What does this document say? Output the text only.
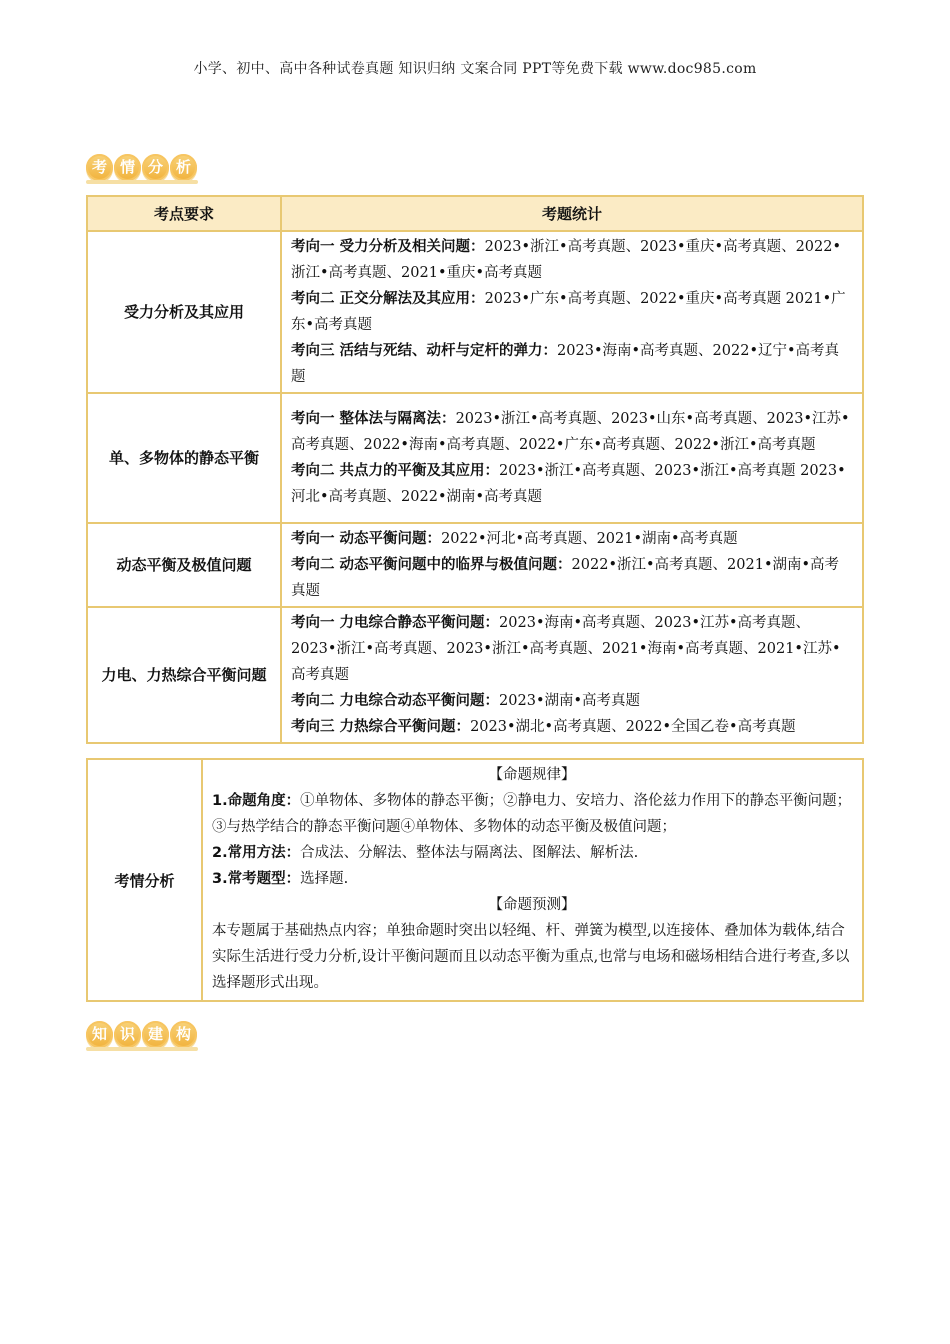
小学、初中、高中各种试卷真题 知识归纳 文案合同 PPT等免费下载 www.doc985.com
考 情 分 析
考点要求	考题统计
受力分析及其应用	考向一 受力分析及相关问题：2023•浙江•高考真题、2023•重庆•高考真题、2022•浙江•高考真题、2021•重庆•高考真题
考向二 正交分解法及其应用：2023•广东•高考真题、2022•重庆•高考真题 2021•广东•高考真题
考向三 活结与死结、动杆与定杆的弹力：2023•海南•高考真题、2022•辽宁•高考真题

单、多物体的静态平衡	考向一 整体法与隔离法：2023•浙江•高考真题、2023•山东•高考真题、2023•江苏•高考真题、2022•海南•高考真题、2022•广东•高考真题、2022•浙江•高考真题
考向二 共点力的平衡及其应用：2023•浙江•高考真题、2023•浙江•高考真题 2023•河北•高考真题、2022•湖南•高考真题

动态平衡及极值问题	考向一 动态平衡问题：2022•河北•高考真题、2021•湖南•高考真题
考向二 动态平衡问题中的临界与极值问题：2022•浙江•高考真题、2021•湖南•高考真题

力电、力热综合平衡问题	考向一 力电综合静态平衡问题：2023•海南•高考真题、2023•江苏•高考真题、2023•浙江•高考真题、2023•浙江•高考真题、2021•海南•高考真题、2021•江苏•高考真题
考向二 力电综合动态平衡问题：2023•湖南•高考真题
考向三 力热综合平衡问题：2023•湖北•高考真题、2022•全国乙卷•高考真题
考情分析	
【命题规律】
1.命题角度：①单物体、多物体的静态平衡；②静电力、安培力、洛伦兹力作用下的静态平衡问题；③与热学结合的静态平衡问题④单物体、多物体的动态平衡及极值问题；
2.常用方法：合成法、分解法、整体法与隔离法、图解法、解析法.
3.常考题型：选择题.
【命题预测】
本专题属于基础热点内容；单独命题时突出以轻绳、杆、弹簧为模型,以连接体、叠加体为载体,结合实际生活进行受力分析,设计平衡问题而且以动态平衡为重点,也常与电场和磁场相结合进行考查,多以选择题形式出现。
知 识 建 构
